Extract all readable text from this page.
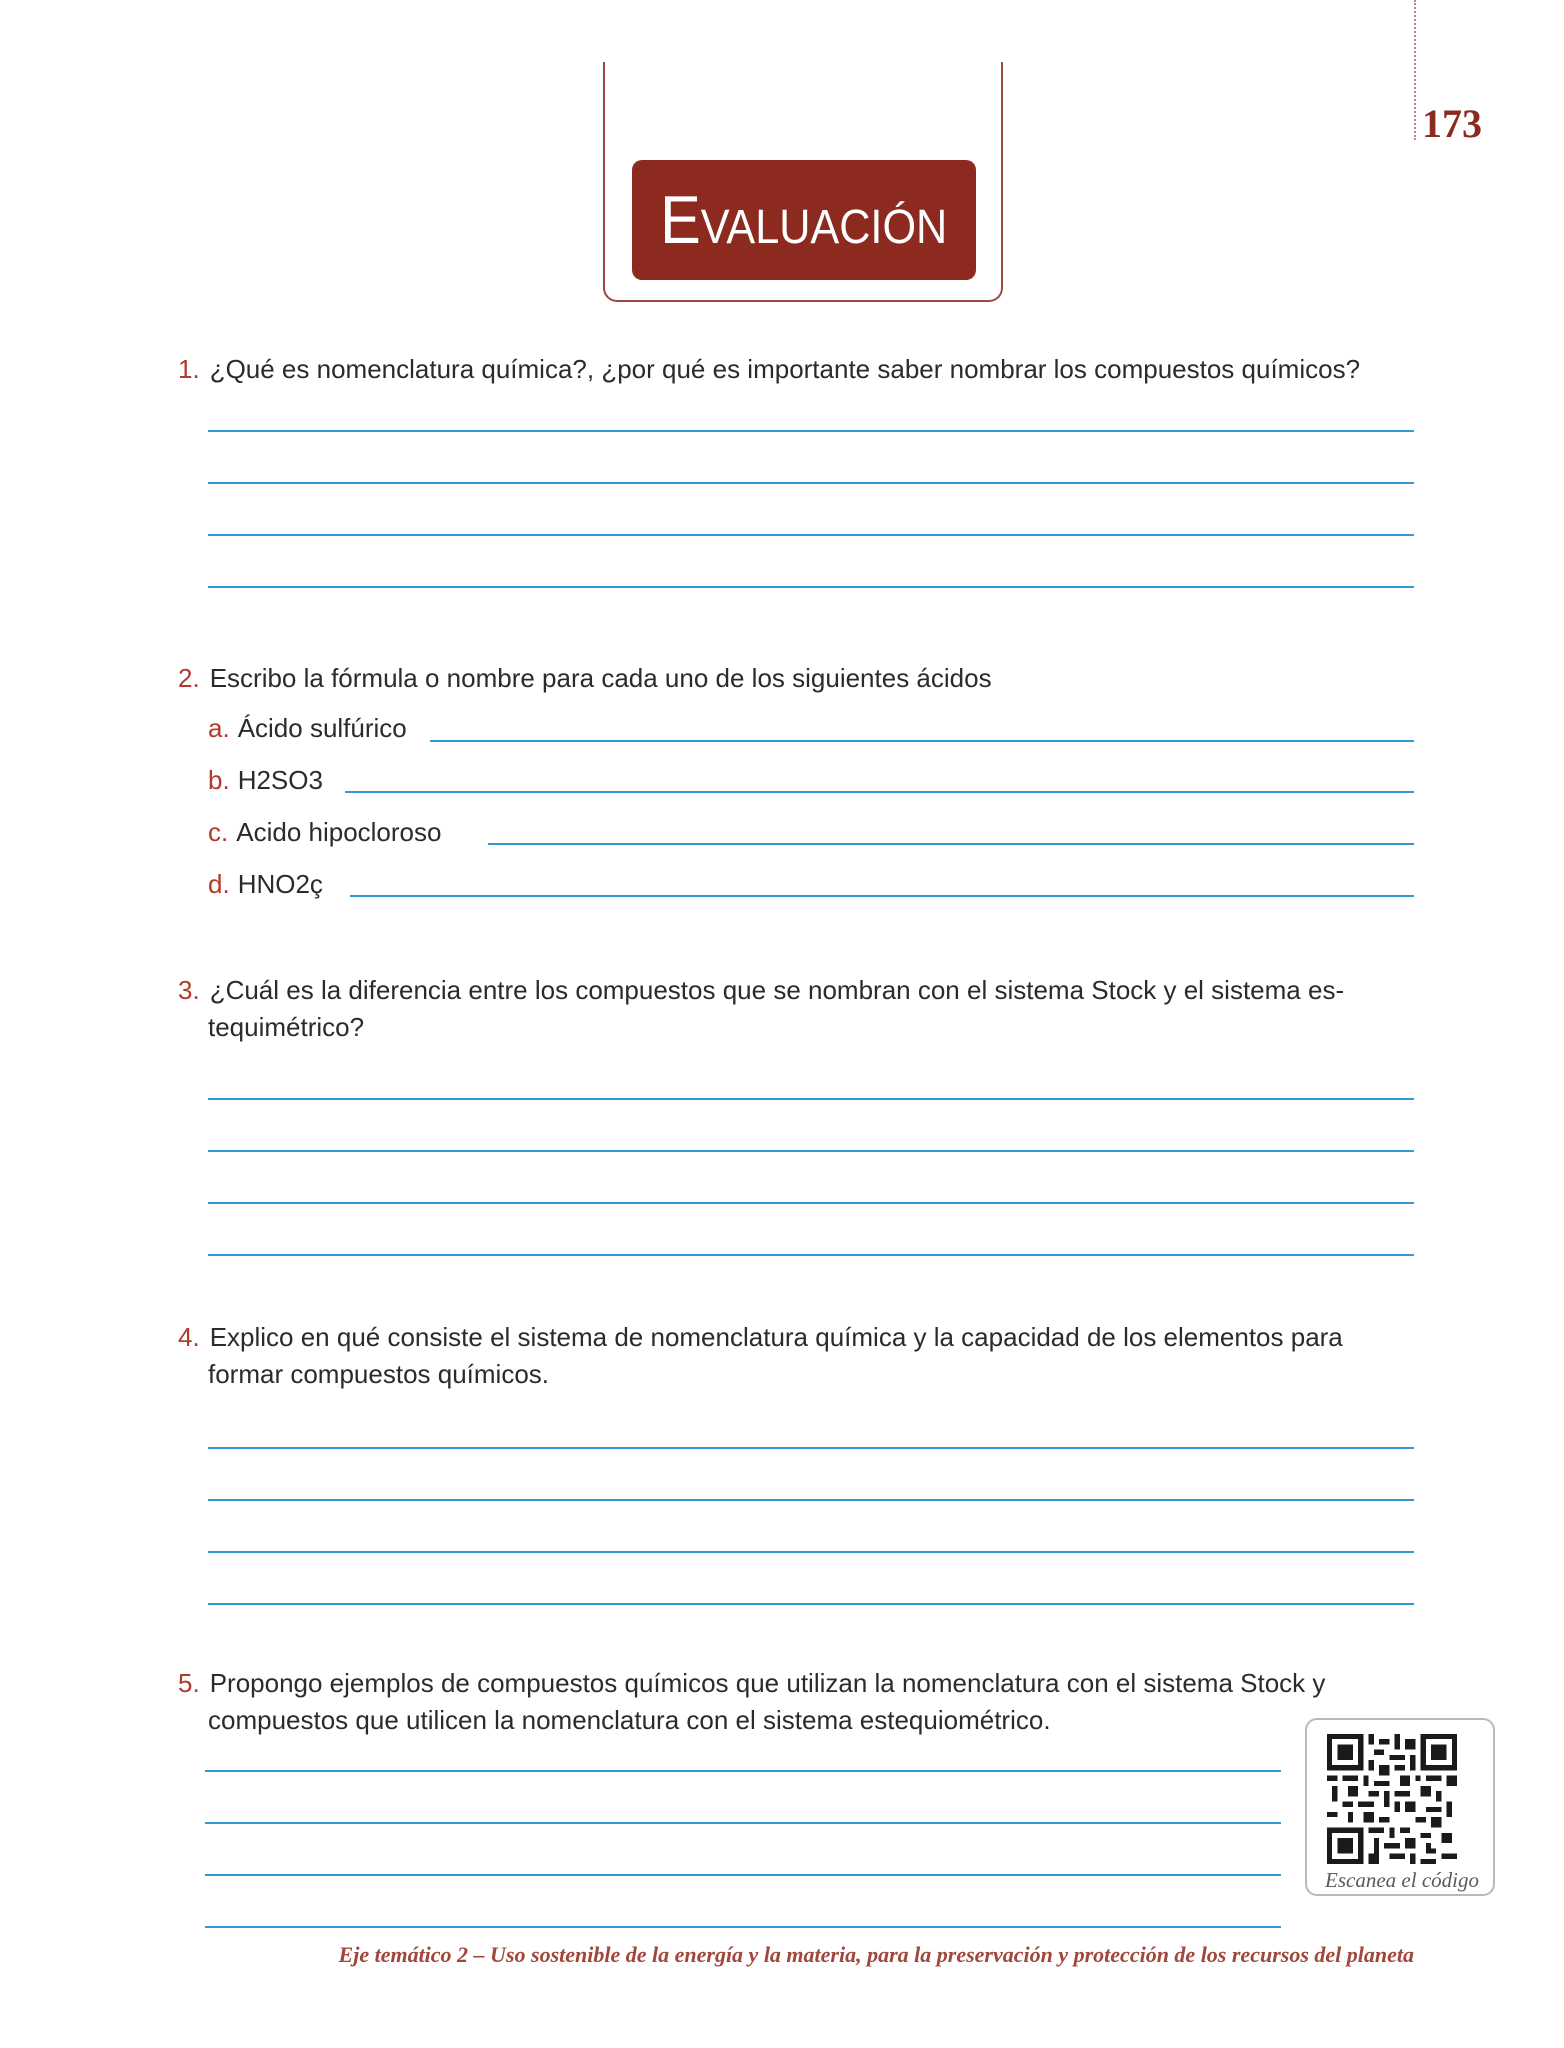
173
Evaluación
1. ¿Qué es nomenclatura química?, ¿por qué es importante saber nombrar los compuestos químicos?
2. Escribo la fórmula o nombre para cada uno de los siguientes ácidos
a. Ácido sulfúrico
b. H2SO3
c. Acido hipocloroso
d. HNO2ç
3. ¿Cuál es la diferencia entre los compuestos que se nombran con el sistema Stock y el sistema es-
tequimétrico?
4. Explico en qué consiste el sistema de nomenclatura química y la capacidad de los elementos para
formar compuestos químicos.
5. Propongo ejemplos de compuestos químicos que utilizan la nomenclatura con el sistema Stock y
compuestos que utilicen la nomenclatura con el sistema estequiométrico.
Escanea el código
Eje temático 2 – Uso sostenible de la energía y la materia, para la preservación y protección de los recursos del planeta
